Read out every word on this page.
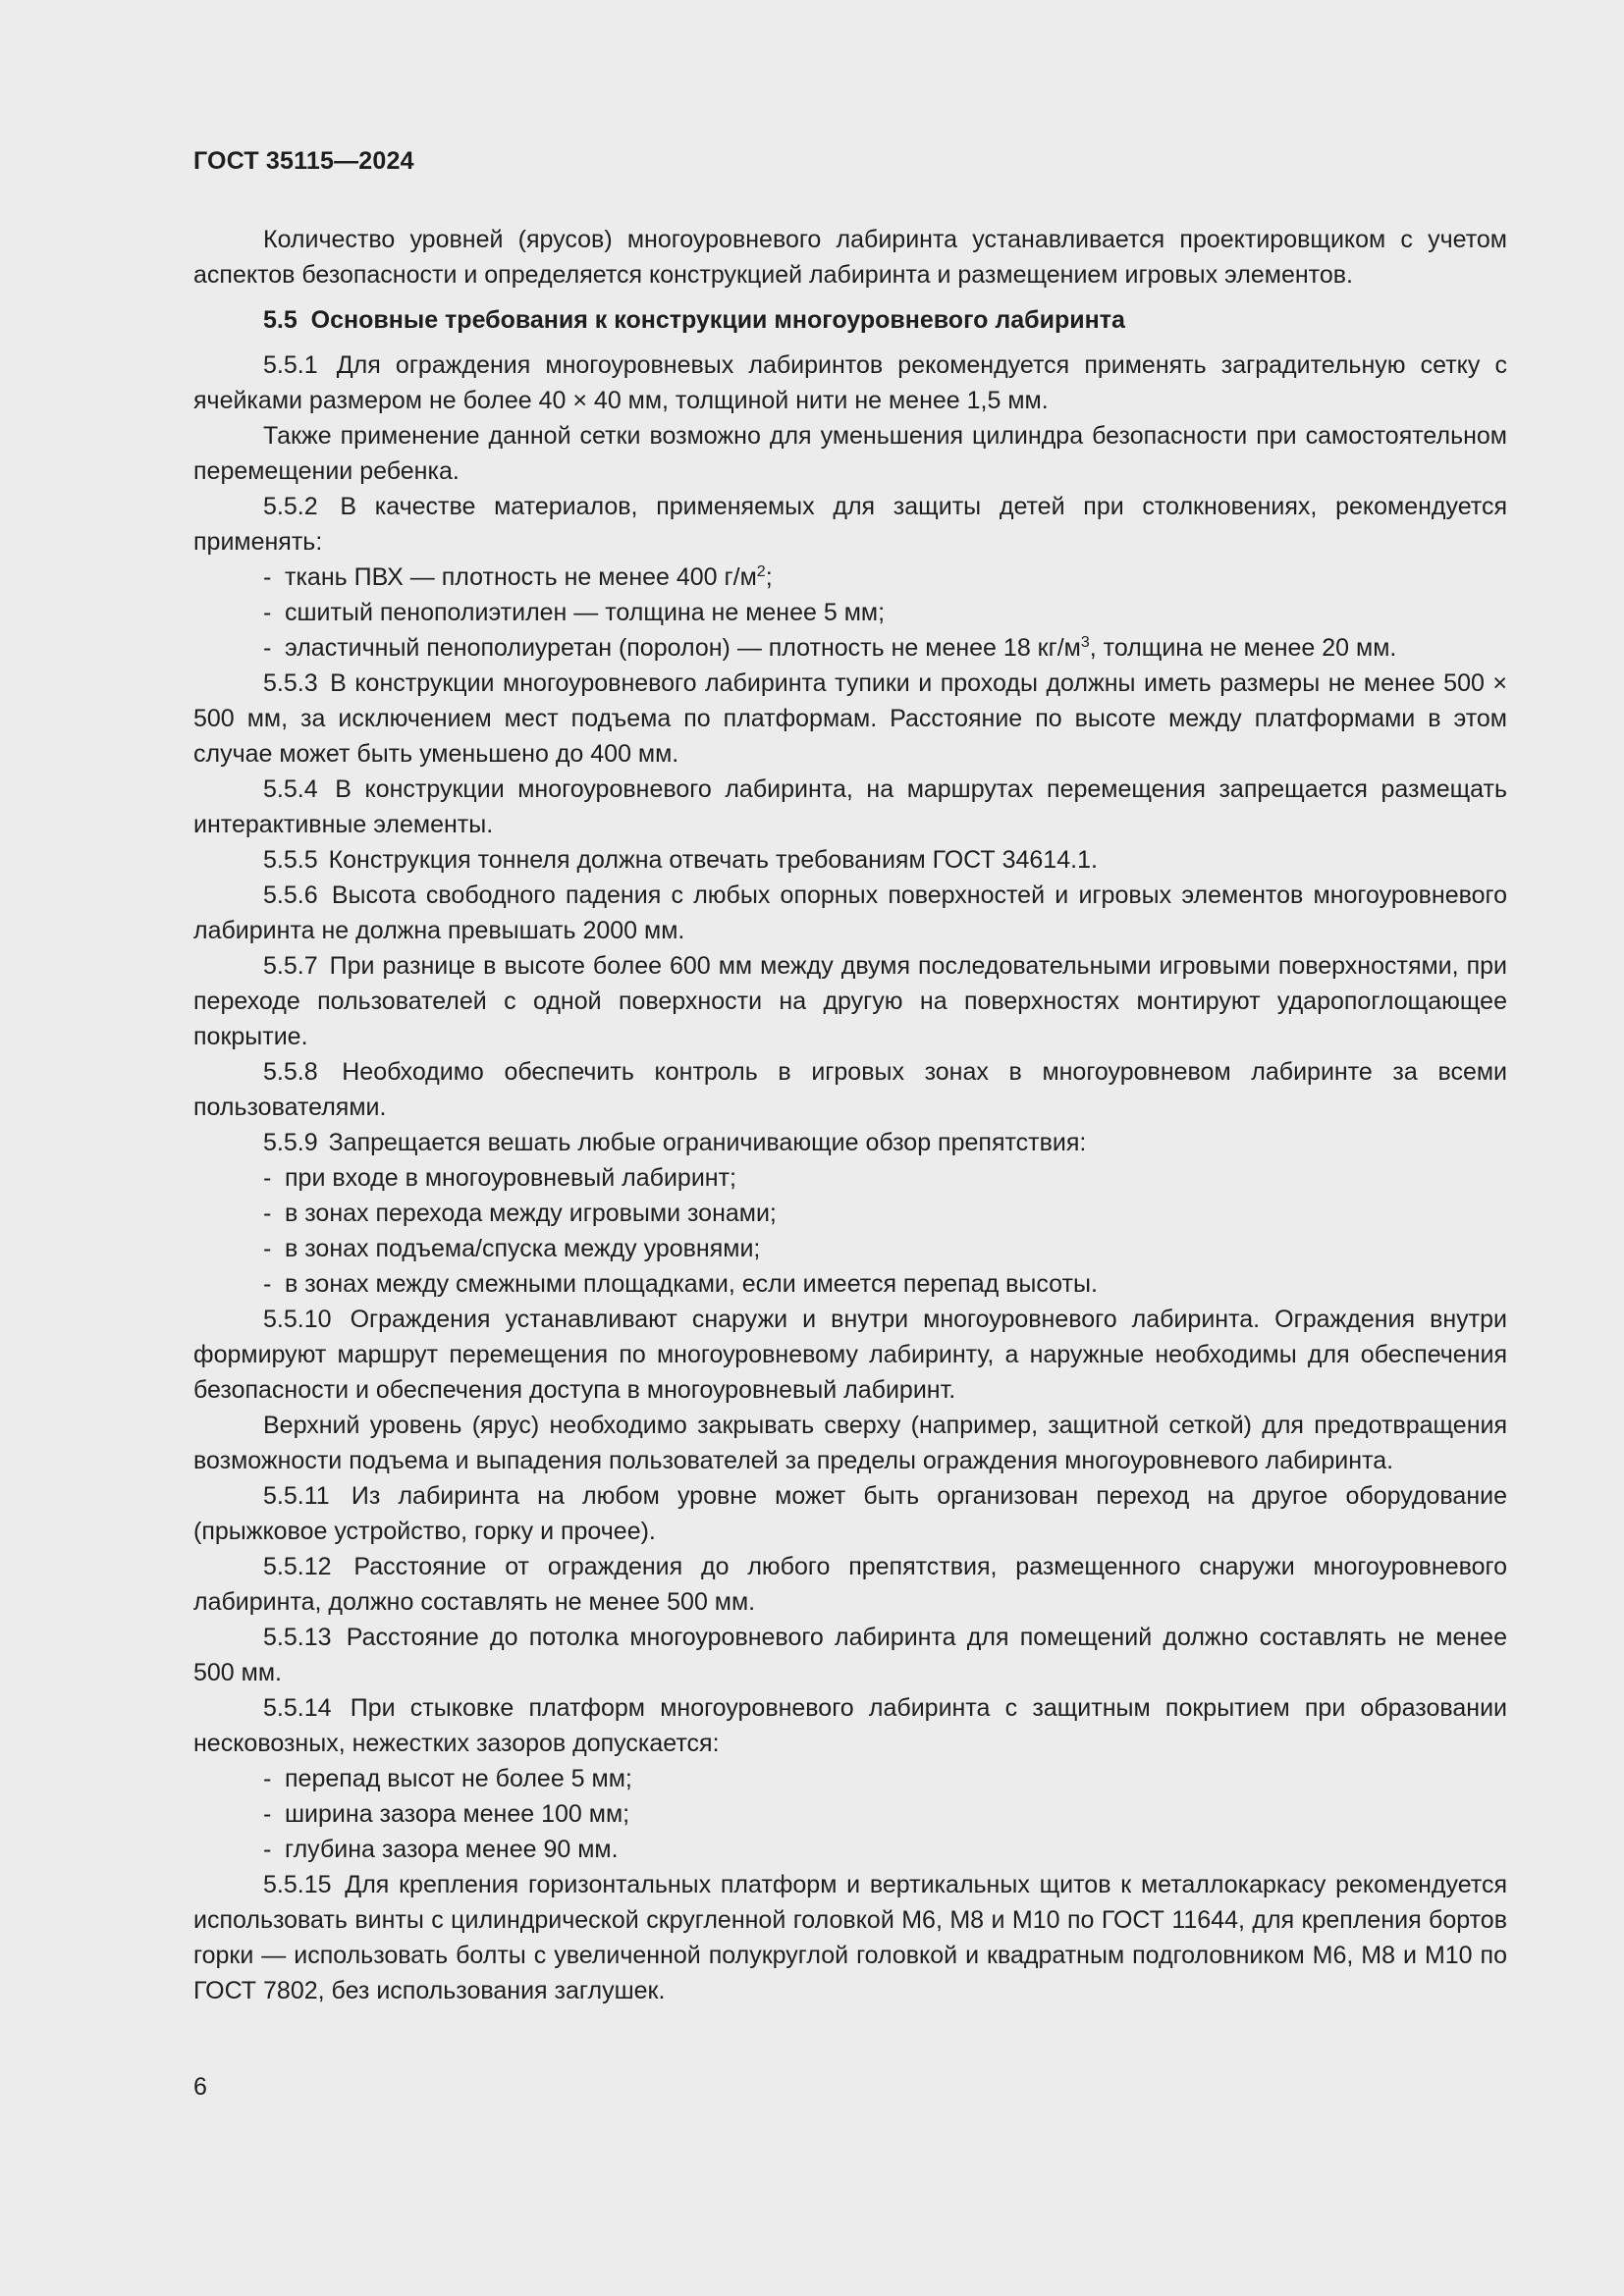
ГОСТ 35115—2024

Количество уровней (ярусов) многоуровневого лабиринта устанавливается проектировщиком с учетом аспектов безопасности и определяется конструкцией лабиринта и размещением игровых элементов.

5.5 Основные требования к конструкции многоуровневого лабиринта

5.5.1 Для ограждения многоуровневых лабиринтов рекомендуется применять заградительную сетку с ячейками размером не более 40 × 40 мм, толщиной нити не менее 1,5 мм.

Также применение данной сетки возможно для уменьшения цилиндра безопасности при самостоятельном перемещении ребенка.

5.5.2 В качестве материалов, применяемых для защиты детей при столкновениях, рекомендуется применять:

- ткань ПВХ — плотность не менее 400 $г/м^2$;
- сшитый пенополиэтилен — толщина не менее 5 мм;
- эластичный пенополиуретан (поролон) — плотность не менее 18 $кг/м^3$, толщина не менее 20 мм.

5.5.3 В конструкции многоуровневого лабиринта тупики и проходы должны иметь размеры не менее 500 × 500 мм, за исключением мест подъема по платформам. Расстояние по высоте между платформами в этом случае может быть уменьшено до 400 мм.

5.5.4 В конструкции многоуровневого лабиринта, на маршрутах перемещения запрещается размещать интерактивные элементы.

5.5.5 Конструкция тоннеля должна отвечать требованиям ГОСТ 34614.1.

5.5.6 Высота свободного падения с любых опорных поверхностей и игровых элементов многоуровневого лабиринта не должна превышать 2000 мм.

5.5.7 При разнице в высоте более 600 мм между двумя последовательными игровыми поверхностями, при переходе пользователей с одной поверхности на другую на поверхностях монтируют ударопоглощающее покрытие.

5.5.8 Необходимо обеспечить контроль в игровых зонах в многоуровневом лабиринте за всеми пользователями.

5.5.9 Запрещается вешать любые ограничивающие обзор препятствия:

- при входе в многоуровневый лабиринт;
- в зонах перехода между игровыми зонами;
- в зонах подъема/спуска между уровнями;
- в зонах между смежными площадками, если имеется перепад высоты.

5.5.10 Ограждения устанавливают снаружи и внутри многоуровневого лабиринта. Ограждения внутри формируют маршрут перемещения по многоуровневому лабиринту, а наружные необходимы для обеспечения безопасности и обеспечения доступа в многоуровневый лабиринт.

Верхний уровень (ярус) необходимо закрывать сверху (например, защитной сеткой) для предотвращения возможности подъема и выпадения пользователей за пределы ограждения многоуровневого лабиринта.

5.5.11 Из лабиринта на любом уровне может быть организован переход на другое оборудование (прыжковое устройство, горку и прочее).

5.5.12 Расстояние от ограждения до любого препятствия, размещенного снаружи многоуровневого лабиринта, должно составлять не менее 500 мм.

5.5.13 Расстояние до потолка многоуровневого лабиринта для помещений должно составлять не менее 500 мм.

5.5.14 При стыковке платформ многоуровневого лабиринта с защитным покрытием при образовании несковозных, нежестких зазоров допускается:

- перепад высот не более 5 мм;
- ширина зазора менее 100 мм;
- глубина зазора менее 90 мм.

5.5.15 Для крепления горизонтальных платформ и вертикальных щитов к металлокаркасу рекомендуется использовать винты с цилиндрической скругленной головкой M6, M8 и M10 по ГОСТ 11644, для крепления бортов горки — использовать болты с увеличенной полукруглой головкой и квадратным подголовником M6, M8 и M10 по ГОСТ 7802, без использования заглушек.

6
